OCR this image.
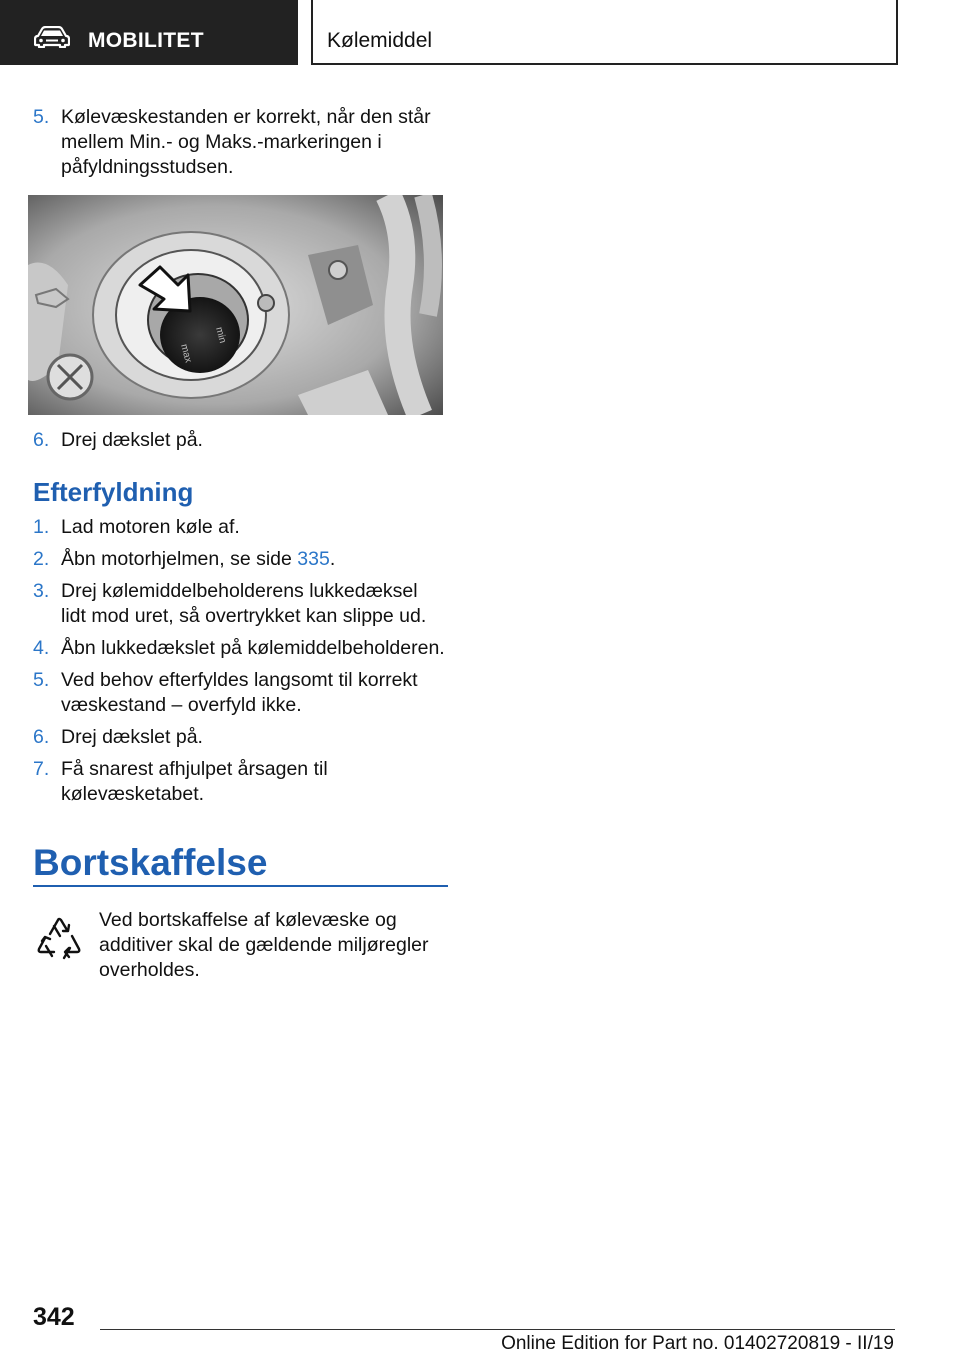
MOBILITET	Kølemiddel
5. Kølevæskestanden er korrekt, når den står mellem Min.- og Maks.-markeringen i påfyldningsstudsen.
min
max
6. Drej dækslet på.
Efterfyldning
1. Lad motoren køle af.
2. Åbn motorhjelmen, se side 335.
3. Drej kølemiddelbeholderens lukkedæksel lidt mod uret, så overtrykket kan slippe ud.
4. Åbn lukkedækslet på kølemiddelbeholderen.
5. Ved behov efterfyldes langsomt til korrekt væskestand – overfyld ikke.
6. Drej dækslet på.
7. Få snarest afhjulpet årsagen til kølevæsketabet.
Bortskaffelse
Ved bortskaffelse af kølevæske og additiver skal de gældende miljøregler overholdes.
342
Online Edition for Part no. 01402720819 - II/19
